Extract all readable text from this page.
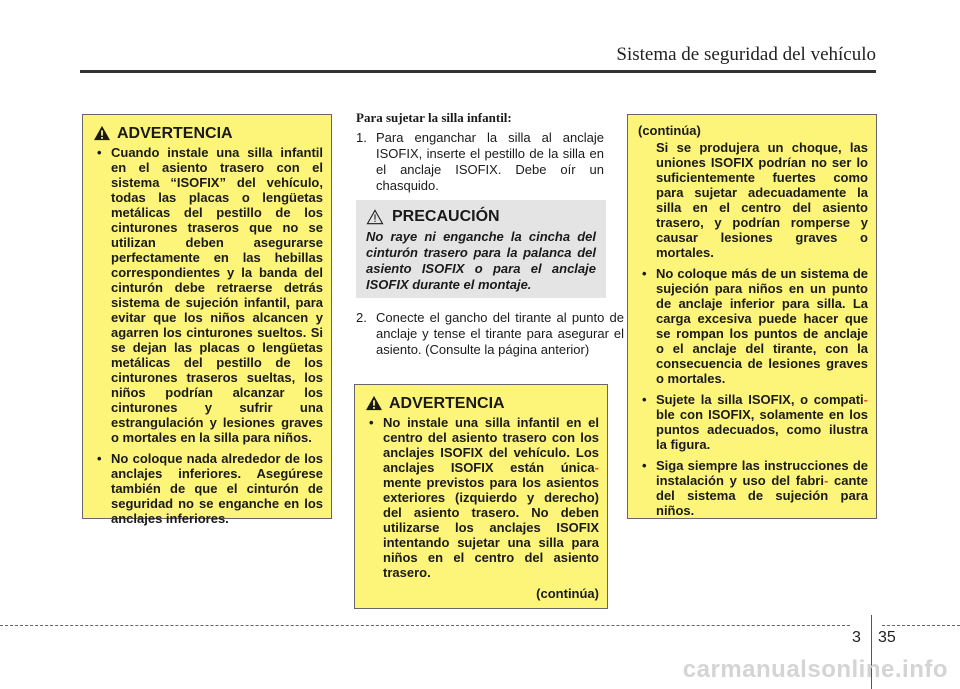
Sistema de seguridad del vehículo
ADVERTENCIA
• Cuando instale una silla infantil en el asiento trasero con el sistema “ISOFIX” del vehículo, todas las placas o lengüetas metálicas del pestillo de los cinturones traseros que no se utilizan deben asegurarse perfectamente en las hebillas correspondientes y la banda del cinturón debe retraerse detrás sistema de sujeción infantil, para evitar que los niños alcancen y agarren los cinturones sueltos. Si se dejan las placas o lengüetas metálicas del pestillo de los cinturones traseros sueltas, los niños podrían alcanzar los cinturones y sufrir una estrangulación y lesiones graves o mortales en la silla para niños.
• No coloque nada alrededor de los anclajes inferiores. Asegúrese también de que el cinturón de seguridad no se enganche en los anclajes inferiores.
Para sujetar la silla infantil:
1. Para enganchar la silla al anclaje ISOFIX, inserte el pestillo de la silla en el anclaje ISOFIX. Debe oír un chasquido.
PRECAUCIÓN
No raye ni enganche la cincha del cinturón trasero para la palanca del asiento ISOFIX o para el anclaje ISOFIX durante el montaje.
2. Conecte el gancho del tirante al punto de anclaje y tense el tirante para asegurar el asiento. (Consulte la página anterior)
ADVERTENCIA
• No instale una silla infantil en el centro del asiento trasero con los anclajes ISOFIX del vehículo. Los anclajes ISOFIX están única- mente previstos para los asientos exteriores (izquierdo y derecho) del asiento trasero. No deben utilizarse los anclajes ISOFIX intentando sujetar una silla para niños en el centro del asiento trasero.
(continúa)
(continúa)
Si se produjera un choque, las uniones ISOFIX podrían no ser lo suficientemente fuertes como para sujetar adecuadamente la silla en el centro del asiento trasero, y podrían romperse y causar lesiones graves o mortales.
• No coloque más de un sistema de sujeción para niños en un punto de anclaje inferior para silla. La carga excesiva puede hacer que se rompan los puntos de anclaje o el anclaje del tirante, con la consecuencia de lesiones graves o mortales.
• Sujete la silla ISOFIX, o compati- ble con ISOFIX, solamente en los puntos adecuados, como ilustra la figura.
• Siga siempre las instrucciones de instalación y uso del fabri- cante del sistema de sujeción para niños.
3 35
carmanualsonline.info
